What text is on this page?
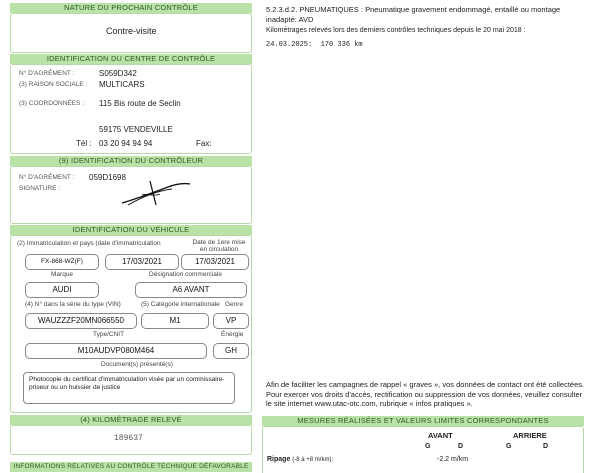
NATURE DU PROCHAIN CONTRÔLE
Contre-visite
IDENTIFICATION DU CENTRE DE CONTRÔLE
N° D'AGRÉMENT :	S059D342
(3) RAISON SOCIALE : MULTICARS
(3) COORDONNÉES : 115 Bis route de Seclin
59175 VENDEVILLE
Tél : 03 20 94 94 94	Fax:
(9) IDENTIFICATION DU CONTRÔLEUR
N° D'AGRÉMENT : 059D1698
SIGNATURE :
IDENTIFICATION DU VÉHICULE
(2) Immatriculation et pays (date d'immatriculation	Date de 1ere mise en circulation
FX-868-WZ(F)	17/03/2021	17/03/2021
Marque	Désignation commerciale
AUDI	A6 AVANT
(4) N° dans la série du type (VIN)	(5) Catégorie internationale Genre
WAUZZZF20MN066550	M1	VP
Type/CNIT	Énergie
M10AUDVP080M464	GH
Document(s) présenté(s)
Photocopie du certificat d'immatriculation visée par un commissaire-priseur ou un huissier de justice
(4) KILOMÉTRAGE RELEVÉ
189637
INFORMATIONS RELATIVES AU CONTRÔLE TECHNIQUE DÉFAVORABLE
5.2.3.d.2. PNEUMATIQUES : Pneumatique gravement endommagé, entaillé ou montage inadapté: AVD
Kilométrages relevés lors des derniers contrôles techniques depuis le 20 mai 2018 :
24.03.2025:  170 336 km
Afin de faciliter les campagnes de rappel « graves », vos données de contact ont été collectées. Pour exercer vos droits d'accès, rectification ou suppression de vos données, veuillez consulter le site internet www.utac-otc.com, rubrique « infos pratiques ».
MESURES RÉALISÉES ET VALEURS LIMITES CORRESPONDANTES
AVANT	ARRIERE
G	D	G	D
Ripage (-8 à +8 m/km):	-2.2 m/km
